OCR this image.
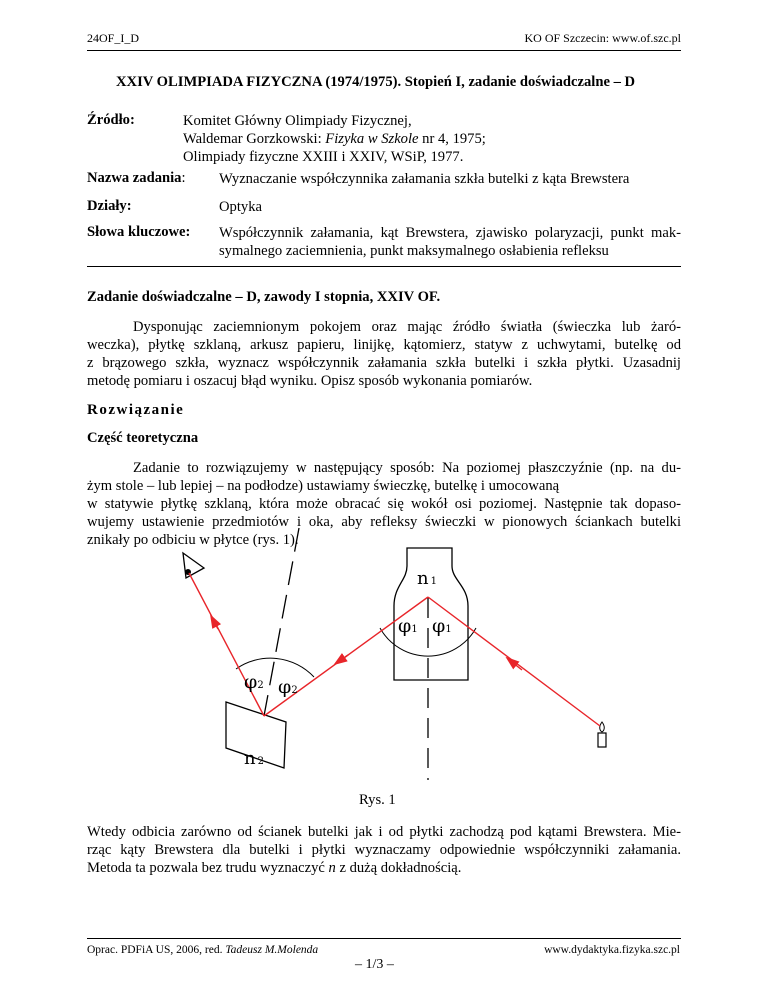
24OF_I_D	KO OF Szczecin: www.of.szc.pl
XXIV OLIMPIADA FIZYCZNA (1974/1975). Stopień I, zadanie doświadczalne – D
Źródło:	Komitet Główny Olimpiady Fizycznej,
Waldemar Gorzkowski: Fizyka w Szkole nr 4, 1975;
Olimpiady fizyczne XXIII i XXIV, WSiP, 1977.
Nazwa zadania: Wyznaczanie współczynnika załamania szkła butelki z kąta Brewstera
Działy:	Optyka
Słowa kluczowe: Współczynnik załamania, kąt Brewstera, zjawisko polaryzacji, punkt mak-
symalnego zaciemnienia, punkt maksymalnego osłabienia refleksu
Zadanie doświadczalne – D, zawody I stopnia, XXIV OF.
Dysponując zaciemnionym pokojem oraz mając źródło światła (świeczka lub żaró-
weczka), płytkę szklaną, arkusz papieru, linijkę, kątomierz, statyw z uchwytami, butelkę od
z brązowego szkła, wyznacz współczynnik załamania szkła butelki i szkła płytki. Uzasadnij
metodę pomiaru i oszacuj błąd wyniku. Opisz sposób wykonania pomiarów.
Rozwiązanie
Część teoretyczna
Zadanie to rozwiązujemy w następujący sposób: Na poziomej płaszczyźnie (np. na du-
żym stole – lub lepiej – na podłodze) ustawiamy świeczkę, butelkę i umocowaną
w statywie płytkę szklaną, która może obracać się wokół osi poziomej. Następnie tak dopaso-
wujemy ustawienie przedmiotów i oka, aby refleksy świeczki w pionowych ściankach butelki
znikały po odbiciu w płytce (rys. 1).
n 1
φ1 φ1
φ2 φ2
n 2
Rys. 1
Wtedy odbicia zarówno od ścianek butelki jak i od płytki zachodzą pod kątami Brewstera. Mie-
rząc kąty Brewstera dla butelki i płytki wyznaczamy odpowiednie współczynniki załamania.
Metoda ta pozwala bez trudu wyznaczyć n z dużą dokładnością.
Oprac. PDFiA US, 2006, red. Tadeusz M.Molenda
– 1/3 –
www.dydaktyka.fizyka.szc.pl
